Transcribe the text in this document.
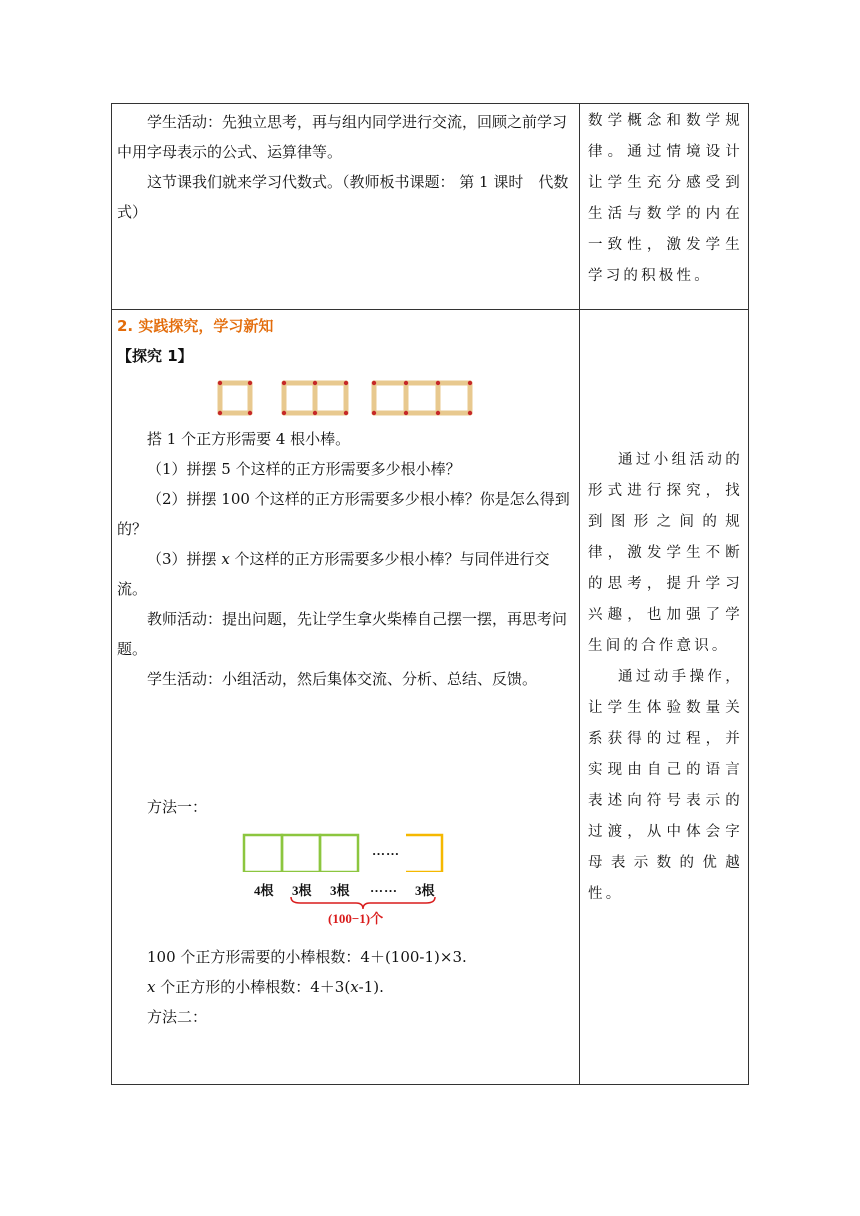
学生活动：先独立思考，再与组内同学进行交流，回顾之前学习中用字母表示的公式、运算律等。

这节课我们就来学习代数式。（教师板书课题： 第 1 课时　代数式）

数学概念和数学规律。通过情境设计让学生充分感受到生活与数学的内在一致性，激发学生学习的积极性。

2. 实践探究，学习新知

【探究 1】

搭 1 个正方形需要 4 根小棒。

（1）拼摆 5 个这样的正方形需要多少根小棒？

（2）拼摆 100 个这样的正方形需要多少根小棒？你是怎么得到的？

（3）拼摆 x 个这样的正方形需要多少根小棒？与同伴进行交流。

教师活动：提出问题，先让学生拿火柴棒自己摆一摆，再思考问题。

学生活动：小组活动，然后集体交流、分析、总结、反馈。

方法一：

……
4根 3根 3根 …… 3根
(100−1)个

100 个正方形需要的小棒根数：4＋(100-1)×3.

x 个正方形的小棒根数：4＋3(x-1).

方法二：

通过小组活动的形式进行探究，找到图形之间的规律，激发学生不断的思考，提升学习兴趣，也加强了学生间的合作意识。

通过动手操作，让学生体验数量关系获得的过程，并实现由自己的语言表述向符号表示的过渡，从中体会字母表示数的优越性。
